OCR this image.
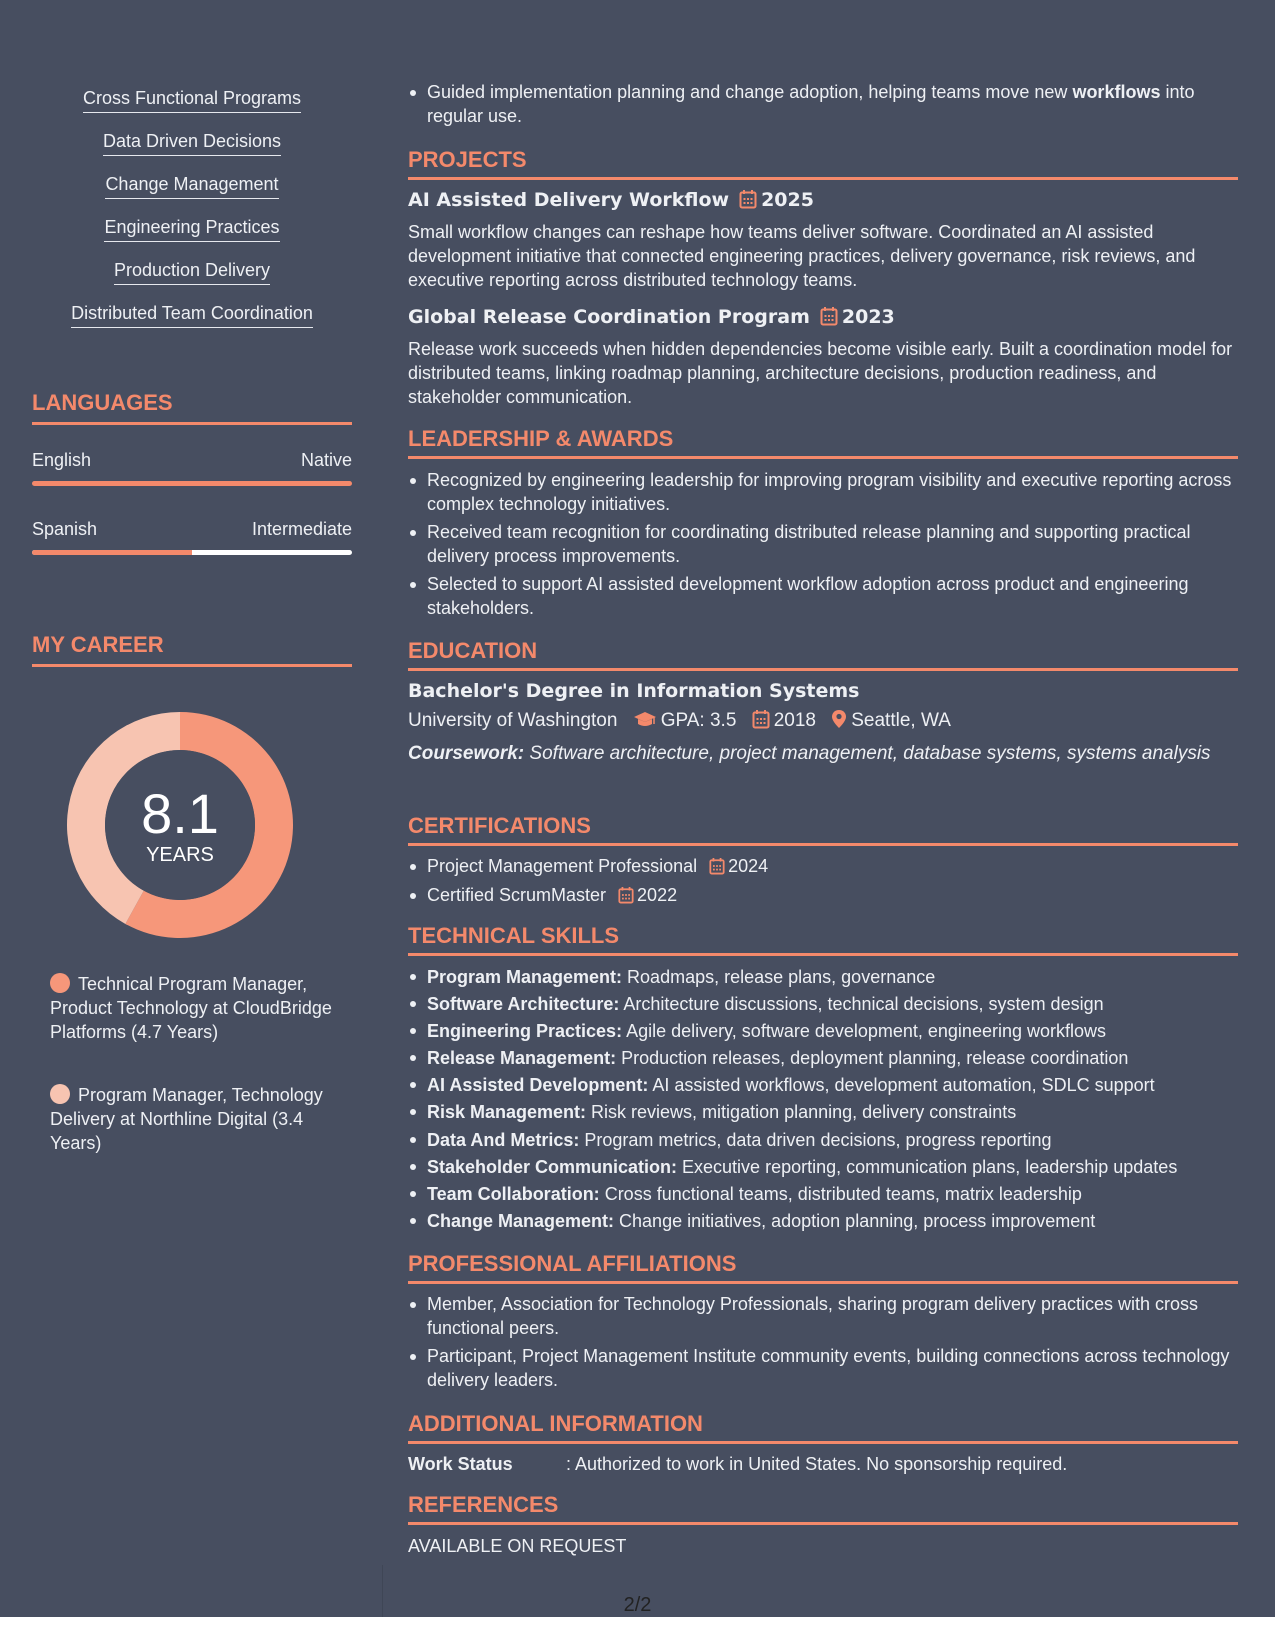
Cross Functional Programs
Data Driven Decisions
Change Management
Engineering Practices
Production Delivery
Distributed Team Coordination
LANGUAGES
English	Native
Spanish	Intermediate
MY CAREER
8.1
YEARS
Technical Program Manager, Product Technology at CloudBridge Platforms (4.7 Years)
Program Manager, Technology Delivery at Northline Digital (3.4 Years)
Guided implementation planning and change adoption, helping teams move new workflows into regular use.
PROJECTS
AI Assisted Delivery Workflow 2025
Small workflow changes can reshape how teams deliver software. Coordinated an AI assisted development initiative that connected engineering practices, delivery governance, risk reviews, and executive reporting across distributed technology teams.
Global Release Coordination Program 2023
Release work succeeds when hidden dependencies become visible early. Built a coordination model for distributed teams, linking roadmap planning, architecture decisions, production readiness, and stakeholder communication.
LEADERSHIP & AWARDS
Recognized by engineering leadership for improving program visibility and executive reporting across complex technology initiatives.
Received team recognition for coordinating distributed release planning and supporting practical delivery process improvements.
Selected to support AI assisted development workflow adoption across product and engineering stakeholders.
EDUCATION
Bachelor's Degree in Information Systems
University of Washington GPA: 3.5 2018 Seattle, WA
Coursework: Software architecture, project management, database systems, systems analysis
CERTIFICATIONS
Project Management Professional 2024
Certified ScrumMaster 2022
TECHNICAL SKILLS
Program Management: Roadmaps, release plans, governance
Software Architecture: Architecture discussions, technical decisions, system design
Engineering Practices: Agile delivery, software development, engineering workflows
Release Management: Production releases, deployment planning, release coordination
AI Assisted Development: AI assisted workflows, development automation, SDLC support
Risk Management: Risk reviews, mitigation planning, delivery constraints
Data And Metrics: Program metrics, data driven decisions, progress reporting
Stakeholder Communication: Executive reporting, communication plans, leadership updates
Team Collaboration: Cross functional teams, distributed teams, matrix leadership
Change Management: Change initiatives, adoption planning, process improvement
PROFESSIONAL AFFILIATIONS
Member, Association for Technology Professionals, sharing program delivery practices with cross functional peers.
Participant, Project Management Institute community events, building connections across technology delivery leaders.
ADDITIONAL INFORMATION
Work Status	: Authorized to work in United States. No sponsorship required.
REFERENCES
AVAILABLE ON REQUEST
2/2
